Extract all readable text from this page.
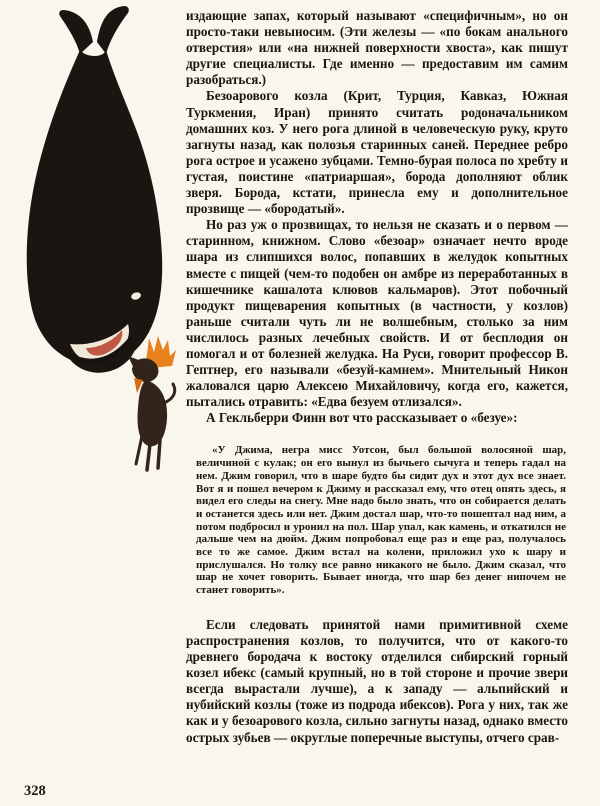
издающие запах, который называют «специфичным», но он просто-таки невыносим. (Эти железы — «по бокам анального отверстия» или «на нижней поверхности хвоста», как пишут другие специалисты. Где именно — предоставим им самим разобраться.)

Безоарового козла (Крит, Турция, Кавказ, Южная Туркмения, Иран) принято считать родоначальником домашних коз. У него рога длиной в человеческую руку, круто загнуты назад, как полозья старинных саней. Переднее ребро рога острое и усажено зубцами. Темно-бурая полоса по хребту и густая, поистине «патриаршая», борода дополняют облик зверя. Борода, кстати, принесла ему и дополнительное прозвище — «бородатый».

Но раз уж о прозвищах, то нельзя не сказать и о первом — старинном, книжном. Слово «безоар» означает нечто вроде шара из слипшихся волос, попавших в желудок копытных вместе с пищей (чем-то подобен он амбре из переработанных в кишечнике кашалота клювов кальмаров). Этот побочный продукт пищеварения копытных (в частности, у козлов) раньше считали чуть ли не волшебным, столько за ним числилось разных лечебных свойств. И от бесплодия он помогал и от болезней желудка. На Руси, говорит профессор В. Гептнер, его называли «безуй-камнем». Мнительный Никон жаловался царю Алексею Михайловичу, когда его, кажется, пытались отравить: «Едва безуем отлизался».

А Гекльберри Финн вот что рассказывает о «безуе»:

«У Джима, негра мисс Уотсон, был большой волосяной шар, величиной с кулак; он его вынул из бычьего сычуга и теперь гадал на нем. Джим говорил, что в шаре будто бы сидит дух и этот дух все знает. Вот я и пошел вечером к Джиму и рассказал ему, что отец опять здесь, я видел его следы на снегу. Мне надо было знать, что он собирается делать и останется здесь или нет. Джим достал шар, что-то пошептал над ним, а потом подбросил и уронил на пол. Шар упал, как камень, и откатился не дальше чем на дюйм. Джим попробовал еще раз и еще раз, получалось все то же самое. Джим встал на колени, приложил ухо к шару и прислушался. Но толку все равно никакого не было. Джим сказал, что шар не хочет говорить. Бывает иногда, что шар без денег нипочем не станет говорить».

Если следовать принятой нами примитивной схеме распространения козлов, то получится, что от какого-то древнего бородача к востоку отделился сибирский горный козел ибекс (самый крупный, но в той стороне и прочие звери всегда вырастали лучше), а к западу — альпийский и нубийский козлы (тоже из подрода ибексов). Рога у них, так же как и у безоарового козла, сильно загнуты назад, однако вместо острых зубьев — округлые поперечные выступы, отчего срав-

328
